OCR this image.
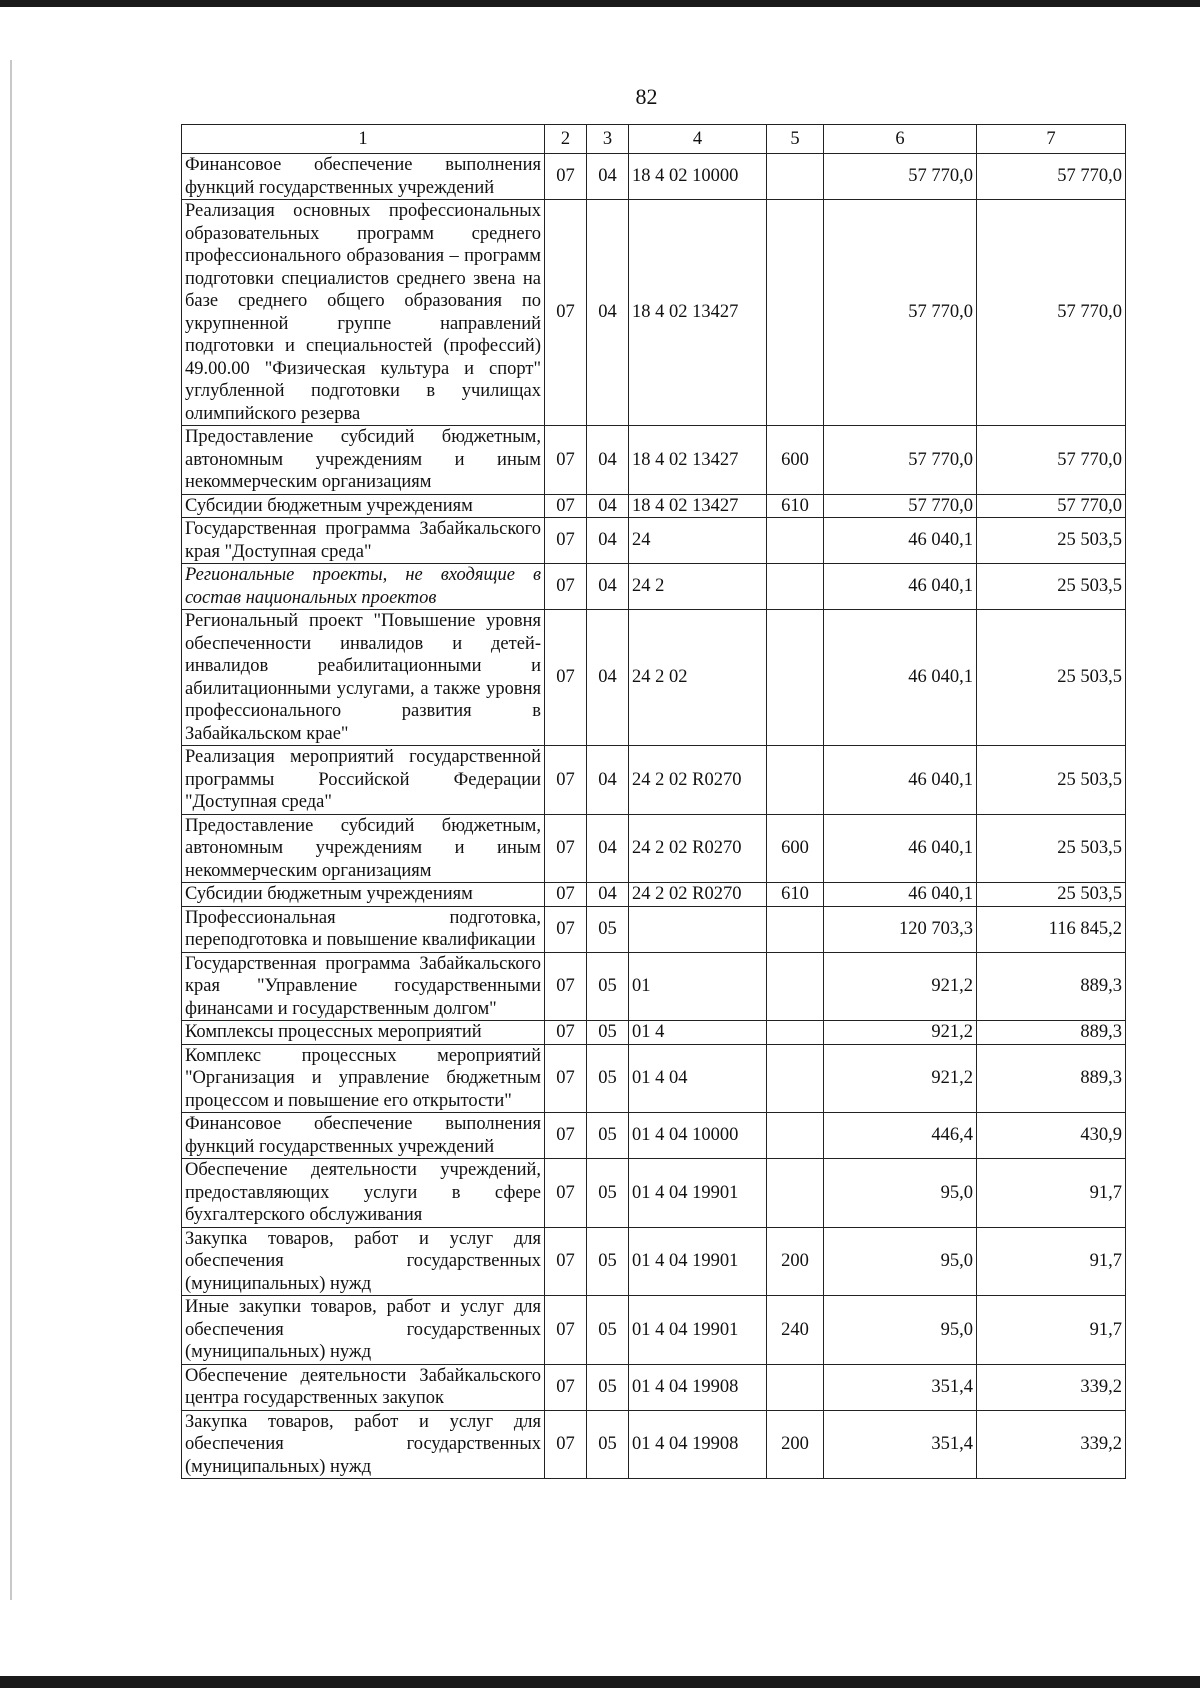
82
1	2	3	4	5	6	7
Финансовое обеспечение выполнения функций государственных учреждений	07	04	18 4 02 10000		57 770,0	57 770,0
Реализация основных профессиональных образовательных программ среднего профессионального образования – программ подготовки специалистов среднего звена на базе среднего общего образования по укрупненной группе направлений подготовки и специальностей (профессий) 49.00.00 "Физическая культура и спорт" углубленной подготовки в училищах олимпийского резерва	07	04	18 4 02 13427		57 770,0	57 770,0
Предоставление субсидий бюджетным, автономным учреждениям и иным некоммерческим организациям	07	04	18 4 02 13427	600	57 770,0	57 770,0
Субсидии бюджетным учреждениям	07	04	18 4 02 13427	610	57 770,0	57 770,0
Государственная программа Забайкальского края "Доступная среда"	07	04	24		46 040,1	25 503,5
Региональные проекты, не входящие в состав национальных проектов	07	04	24 2		46 040,1	25 503,5
Региональный проект "Повышение уровня обеспеченности инвалидов и детей-инвалидов реабилитационными и абилитационными услугами, а также уровня профессионального развития в Забайкальском крае"	07	04	24 2 02		46 040,1	25 503,5
Реализация мероприятий государственной программы Российской Федерации "Доступная среда"	07	04	24 2 02 R0270		46 040,1	25 503,5
Предоставление субсидий бюджетным, автономным учреждениям и иным некоммерческим организациям	07	04	24 2 02 R0270	600	46 040,1	25 503,5
Субсидии бюджетным учреждениям	07	04	24 2 02 R0270	610	46 040,1	25 503,5
Профессиональная подготовка, переподготовка и повышение квалификации	07	05			120 703,3	116 845,2
Государственная программа Забайкальского края "Управление государственными финансами и государственным долгом"	07	05	01		921,2	889,3
Комплексы процессных мероприятий	07	05	01 4		921,2	889,3
Комплекс процессных мероприятий "Организация и управление бюджетным процессом и повышение его открытости"	07	05	01 4 04		921,2	889,3
Финансовое обеспечение выполнения функций государственных учреждений	07	05	01 4 04 10000		446,4	430,9
Обеспечение деятельности учреждений, предоставляющих услуги в сфере бухгалтерского обслуживания	07	05	01 4 04 19901		95,0	91,7
Закупка товаров, работ и услуг для обеспечения государственных (муниципальных) нужд	07	05	01 4 04 19901	200	95,0	91,7
Иные закупки товаров, работ и услуг для обеспечения государственных (муниципальных) нужд	07	05	01 4 04 19901	240	95,0	91,7
Обеспечение деятельности Забайкальского центра государственных закупок	07	05	01 4 04 19908		351,4	339,2
Закупка товаров, работ и услуг для обеспечения государственных (муниципальных) нужд	07	05	01 4 04 19908	200	351,4	339,2
